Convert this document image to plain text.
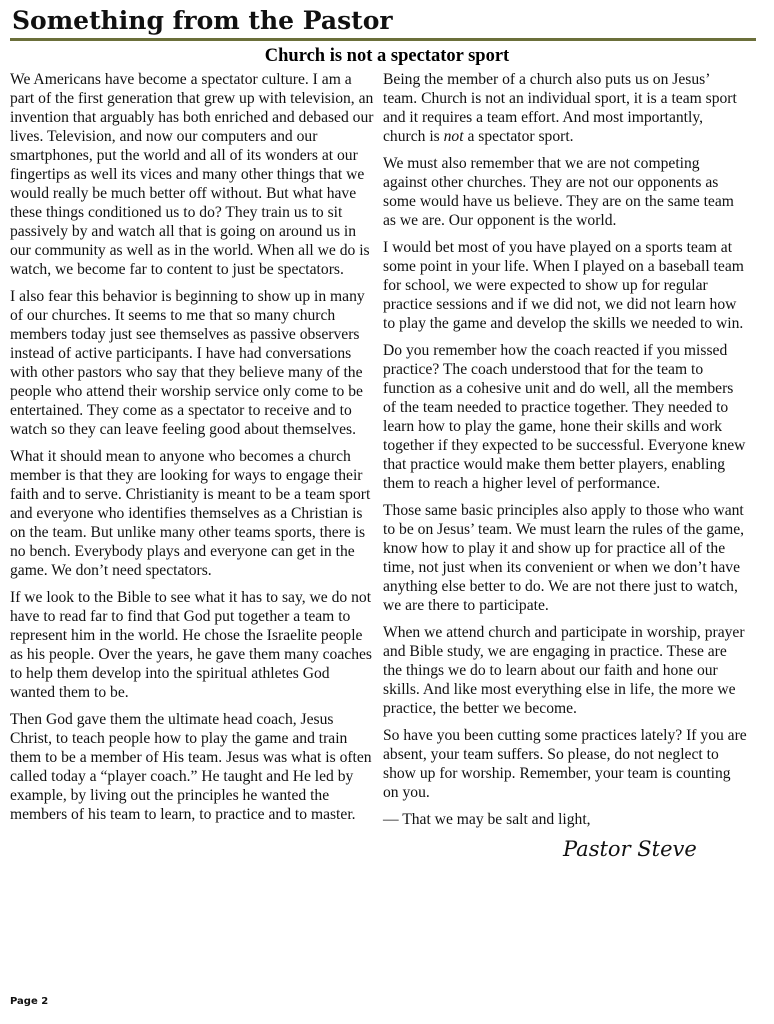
Something from the Pastor
Church is not a spectator sport

We Americans have become a spectator culture. I am a part of the first generation that grew up with television, an invention that arguably has both enriched and debased our lives. Television, and now our computers and our smartphones, put the world and all of its wonders at our fingertips as well its vices and many other things that we would really be much better off without. But what have these things conditioned us to do? They train us to sit passively by and watch all that is going on around us in our community as well as in the world. When all we do is watch, we become far to content to just be spectators.

I also fear this behavior is beginning to show up in many of our churches. It seems to me that so many church members today just see themselves as passive observers instead of active participants. I have had conversations with other pastors who say that they believe many of the people who attend their worship service only come to be entertained. They come as a spectator to receive and to watch so they can leave feeling good about themselves.

What it should mean to anyone who becomes a church member is that they are looking for ways to engage their faith and to serve. Christianity is meant to be a team sport and everyone who identifies themselves as a Christian is on the team. But unlike many other teams sports, there is no bench. Everybody plays and everyone can get in the game. We don’t need spectators.

If we look to the Bible to see what it has to say, we do not have to read far to find that God put together a team to represent him in the world. He chose the Israelite people as his people. Over the years, he gave them many coaches to help them develop into the spiritual athletes God wanted them to be.

Then God gave them the ultimate head coach, Jesus Christ, to teach people how to play the game and train them to be a member of His team. Jesus was what is often called today a “player coach.” He taught and He led by example, by living out the principles he wanted the members of his team to learn, to practice and to master.

Being the member of a church also puts us on Jesus’ team. Church is not an individual sport, it is a team sport and it requires a team effort. And most importantly, church is not a spectator sport.

We must also remember that we are not competing against other churches. They are not our opponents as some would have us believe. They are on the same team as we are. Our opponent is the world.

I would bet most of you have played on a sports team at some point in your life. When I played on a baseball team for school, we were expected to show up for regular practice sessions and if we did not, we did not learn how to play the game and develop the skills we needed to win.

Do you remember how the coach reacted if you missed practice? The coach understood that for the team to function as a cohesive unit and do well, all the members of the team needed to practice together. They needed to learn how to play the game, hone their skills and work together if they expected to be successful. Everyone knew that practice would make them better players, enabling them to reach a higher level of performance.

Those same basic principles also apply to those who want to be on Jesus’ team. We must learn the rules of the game, know how to play it and show up for practice all of the time, not just when its convenient or when we don’t have anything else better to do. We are not there just to watch, we are there to participate.

When we attend church and participate in worship, prayer and Bible study, we are engaging in practice. These are the things we do to learn about our faith and hone our skills. And like most everything else in life, the more we practice, the better we become.

So have you been cutting some practices lately? If you are absent, your team suffers. So please, do not neglect to show up for worship. Remember, your team is counting on you.

— That we may be salt and light,

Pastor Steve

Page 2
